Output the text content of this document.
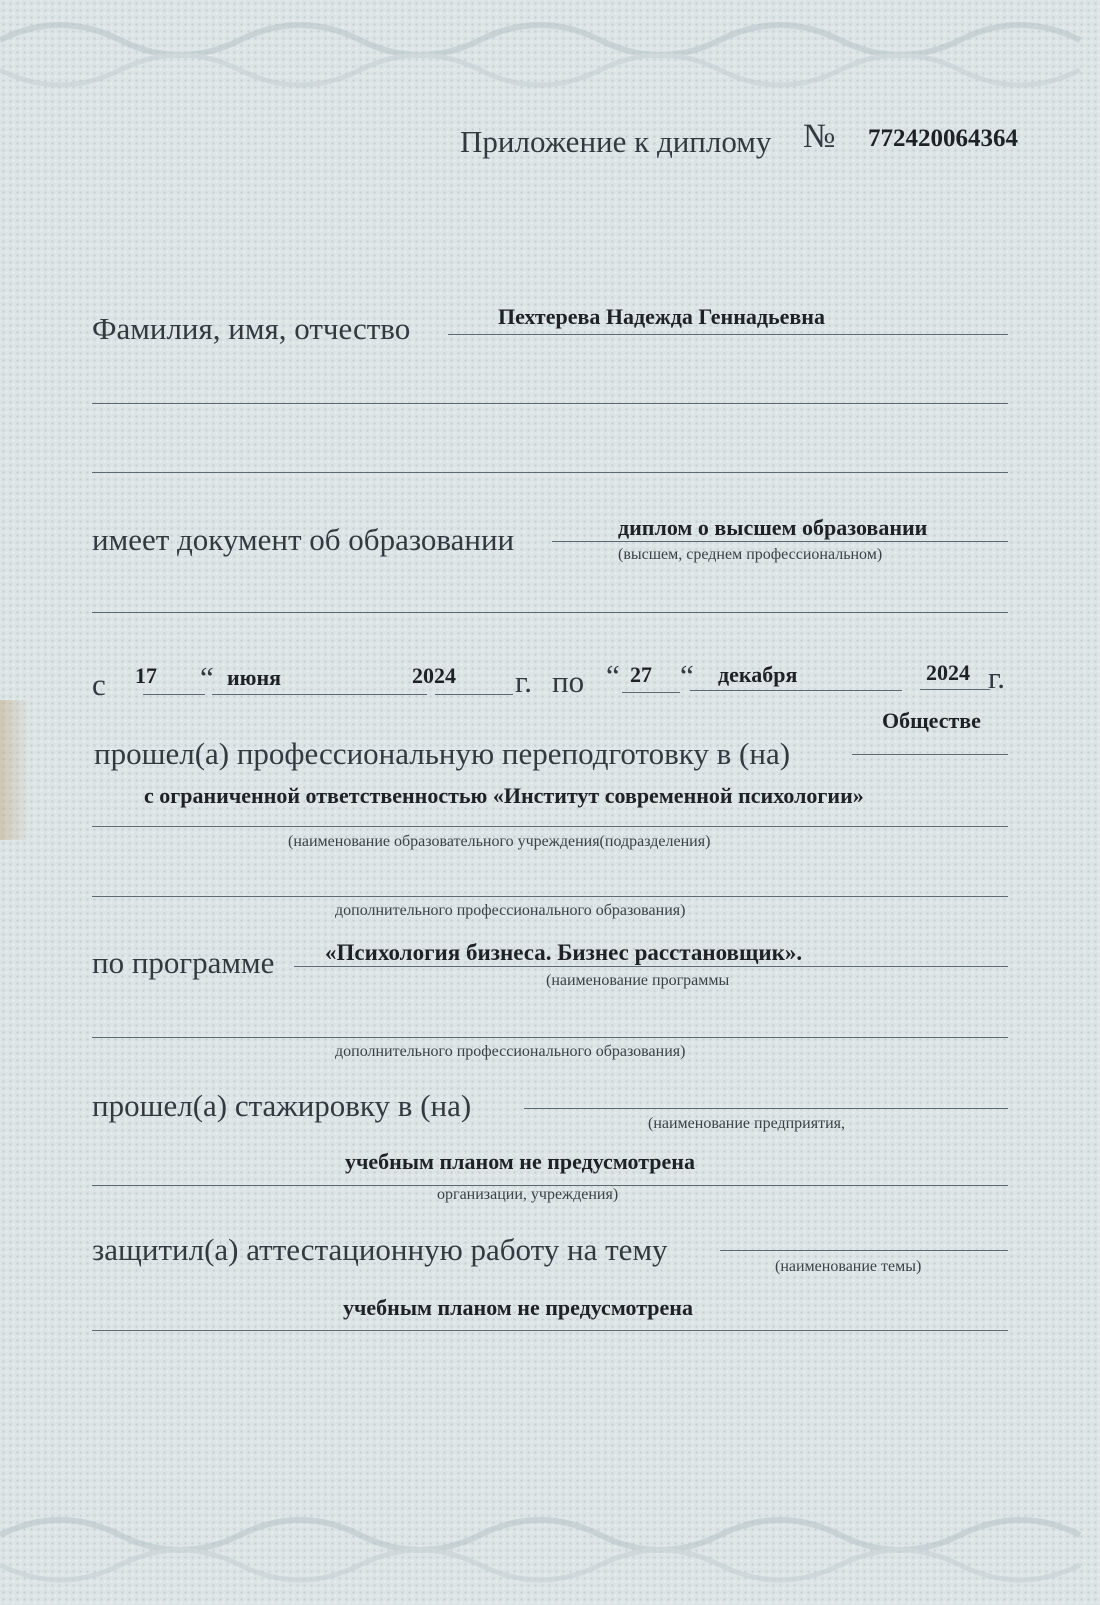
Приложение к диплому № 772420064364
Фамилия, имя, отчество	Пехтерева Надежда Геннадьевна
имеет документ об образовании	диплом о высшем образовании
(высшем, среднем профессиональном)
с 17 “ июня	2024 г. по “ 27 “ декабря	2024 г.
Обществе
прошел(а) профессиональную переподготовку в (на)
с ограниченной ответственностью «Институт современной психологии»
(наименование образовательного учреждения(подразделения)
дополнительного профессионального образования)
по программе «Психология бизнеса. Бизнес расстановщик».
(наименование программы
дополнительного профессионального образования)
прошел(а) стажировку в (на)
(наименование предприятия,
учебным планом не предусмотрена
организации, учреждения)
защитил(а) аттестационную работу на тему	(наименование темы)
учебным планом не предусмотрена
